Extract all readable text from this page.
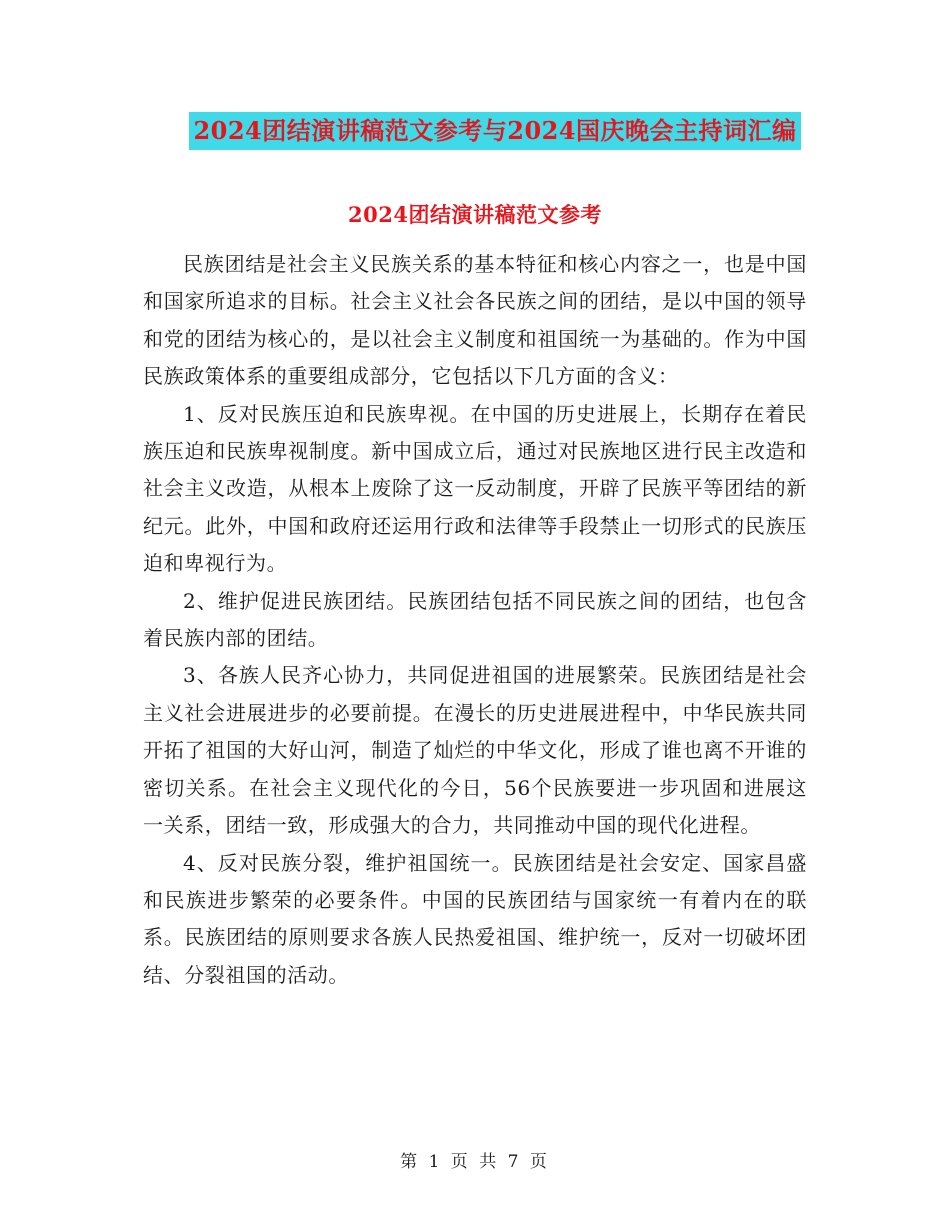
2024团结演讲稿范文参考与2024国庆晚会主持词汇编
2024团结演讲稿范文参考

民族团结是社会主义民族关系的基本特征和核心内容之一，也是中国和国家所追求的目标。社会主义社会各民族之间的团结，是以中国的领导和党的团结为核心的，是以社会主义制度和祖国统一为基础的。作为中国民族政策体系的重要组成部分，它包括以下几方面的含义：

1、反对民族压迫和民族卑视。在中国的历史进展上，长期存在着民族压迫和民族卑视制度。新中国成立后，通过对民族地区进行民主改造和社会主义改造，从根本上废除了这一反动制度，开辟了民族平等团结的新纪元。此外，中国和政府还运用行政和法律等手段禁止一切形式的民族压迫和卑视行为。

2、维护促进民族团结。民族团结包括不同民族之间的团结，也包含着民族内部的团结。

3、各族人民齐心协力，共同促进祖国的进展繁荣。民族团结是社会主义社会进展进步的必要前提。在漫长的历史进展进程中，中华民族共同开拓了祖国的大好山河，制造了灿烂的中华文化，形成了谁也离不开谁的密切关系。在社会主义现代化的今日，56个民族要进一步巩固和进展这一关系，团结一致，形成强大的合力，共同推动中国的现代化进程。

4、反对民族分裂，维护祖国统一。民族团结是社会安定、国家昌盛和民族进步繁荣的必要条件。中国的民族团结与国家统一有着内在的联系。民族团结的原则要求各族人民热爱祖国、维护统一，反对一切破坏团结、分裂祖国的活动。

第 1 页 共 7 页
